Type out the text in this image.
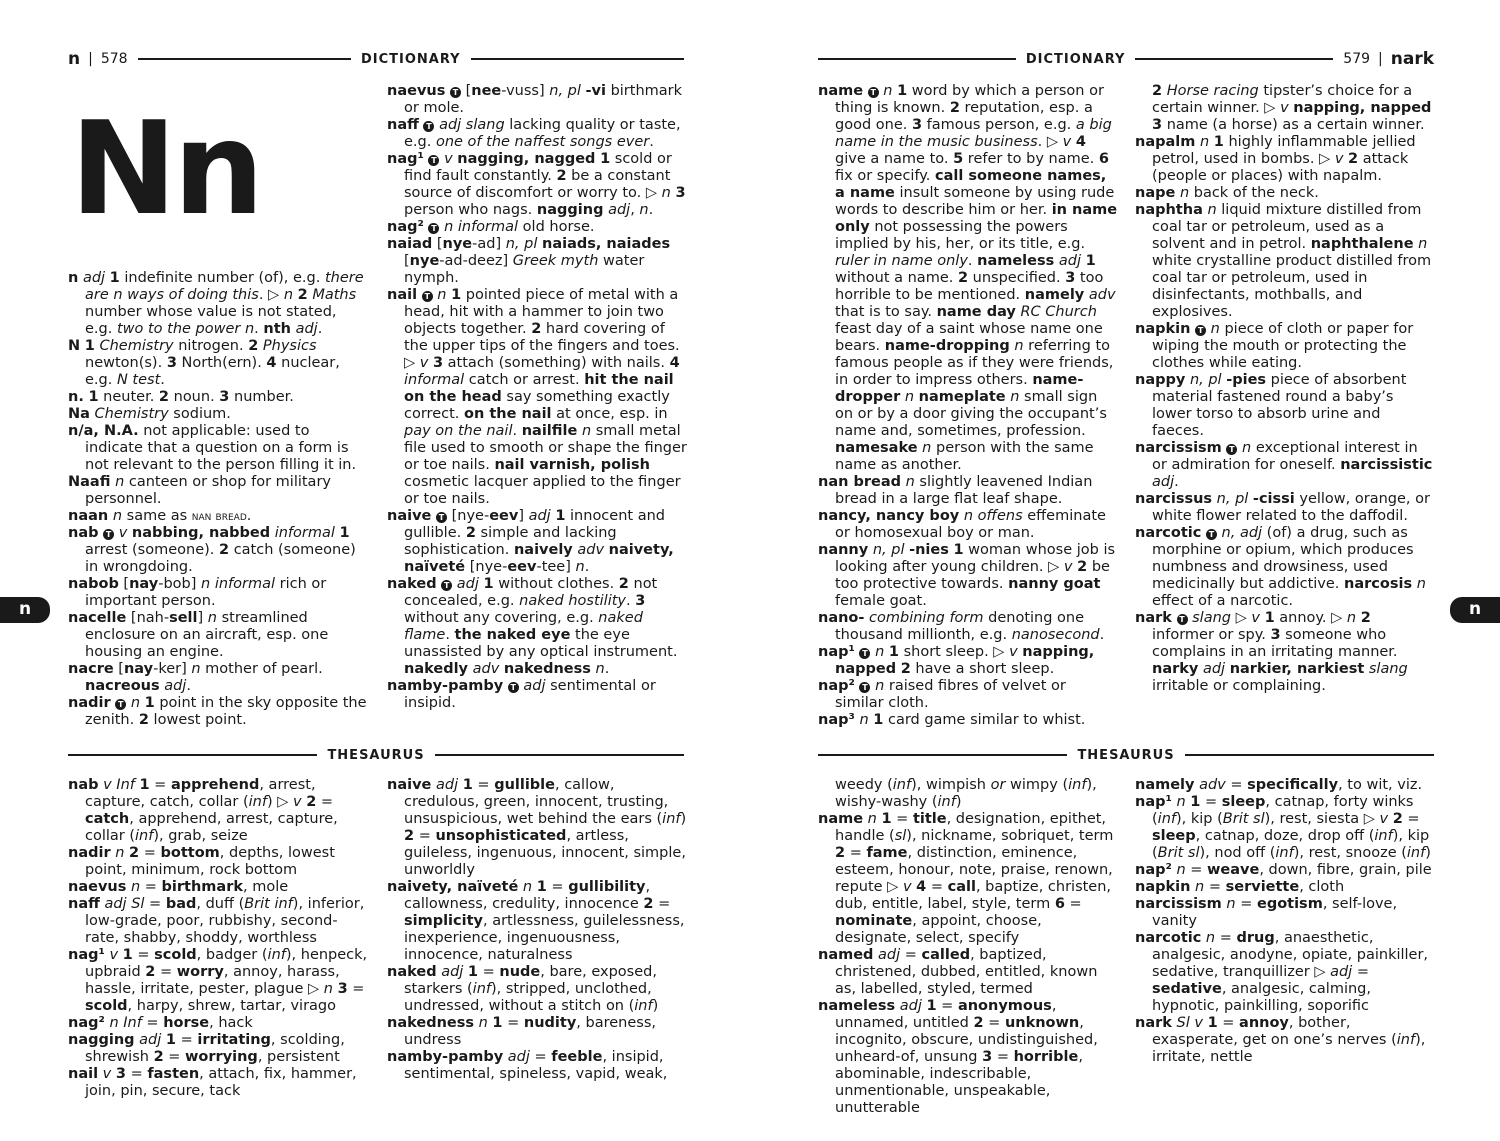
n | 578	DICTIONARY	DICTIONARY	579 | nark
Nn

n adj 1 indefinite number (of), e.g. there are n ways of doing this. ▷ n 2 Maths number whose value is not stated, e.g. two to the power n. nth adj.

N 1 Chemistry nitrogen. 2 Physics newton(s). 3 North(ern). 4 nuclear, e.g. N test.

n. 1 neuter. 2 noun. 3 number.

Na Chemistry sodium.

n/a, N.A. not applicable: used to indicate that a question on a form is not relevant to the person filling it in.

Naafi n canteen or shop for military personnel.

naan n same as nan bread.

nab T v nabbing, nabbed informal 1 arrest (someone). 2 catch (someone) in wrongdoing.

nabob [nay-bob] n informal rich or important person.

nacelle [nah-sell] n streamlined enclosure on an aircraft, esp. one housing an engine.

nacre [nay-ker] n mother of pearl. nacreous adj.

nadir T n 1 point in the sky opposite the zenith. 2 lowest point.

naevus T [nee-vuss] n, pl -vi birthmark or mole.

naff T adj slang lacking quality or taste, e.g. one of the naffest songs ever.

nag¹ T v nagging, nagged 1 scold or find fault constantly. 2 be a constant source of discomfort or worry to. ▷ n 3 person who nags. nagging adj, n.

nag² T n informal old horse.

naiad [nye-ad] n, pl naiads, naiades [nye-ad-deez] Greek myth water nymph.

nail T n 1 pointed piece of metal with a head, hit with a hammer to join two objects together. 2 hard covering of the upper tips of the fingers and toes. ▷ v 3 attach (something) with nails. 4 informal catch or arrest. hit the nail on the head say something exactly correct. on the nail at once, esp. in pay on the nail. nailfile n small metal file used to smooth or shape the finger or toe nails. nail varnish, polish cosmetic lacquer applied to the finger or toe nails.

naive T [nye-eev] adj 1 innocent and gullible. 2 simple and lacking sophistication. naively adv naivety, naïveté [nye-eev-tee] n.

naked T adj 1 without clothes. 2 not concealed, e.g. naked hostility. 3 without any covering, e.g. naked flame. the naked eye the eye unassisted by any optical instrument. nakedly adv nakedness n.

namby-pamby T adj sentimental or insipid.

THESAURUS

nab v Inf 1 = apprehend, arrest, capture, catch, collar (inf) ▷ v 2 = catch, apprehend, arrest, capture, collar (inf), grab, seize

nadir n 2 = bottom, depths, lowest point, minimum, rock bottom

naevus n = birthmark, mole

naff adj Sl = bad, duff (Brit inf), inferior, low-grade, poor, rubbishy, second-rate, shabby, shoddy, worthless

nag¹ v 1 = scold, badger (inf), henpeck, upbraid 2 = worry, annoy, harass, hassle, irritate, pester, plague ▷ n 3 = scold, harpy, shrew, tartar, virago

nag² n Inf = horse, hack

nagging adj 1 = irritating, scolding, shrewish 2 = worrying, persistent

nail v 3 = fasten, attach, fix, hammer, join, pin, secure, tack

naive adj 1 = gullible, callow, credulous, green, innocent, trusting, unsuspicious, wet behind the ears (inf) 2 = unsophisticated, artless, guileless, ingenuous, innocent, simple, unworldly

naivety, naïveté n 1 = gullibility, callowness, credulity, innocence 2 = simplicity, artlessness, guilelessness, inexperience, ingenuousness, innocence, naturalness

naked adj 1 = nude, bare, exposed, starkers (inf), stripped, unclothed, undressed, without a stitch on (inf)

nakedness n 1 = nudity, bareness, undress

namby-pamby adj = feeble, insipid, sentimental, spineless, vapid, weak,

name T n 1 word by which a person or thing is known. 2 reputation, esp. a good one. 3 famous person, e.g. a big name in the music business. ▷ v 4 give a name to. 5 refer to by name. 6 fix or specify. call someone names, a name insult someone by using rude words to describe him or her. in name only not possessing the powers implied by his, her, or its title, e.g. ruler in name only. nameless adj 1 without a name. 2 unspecified. 3 too horrible to be mentioned. namely adv that is to say. name day RC Church feast day of a saint whose name one bears. name-dropping n referring to famous people as if they were friends, in order to impress others. name-dropper n nameplate n small sign on or by a door giving the occupant’s name and, sometimes, profession. namesake n person with the same name as another.

nan bread n slightly leavened Indian bread in a large flat leaf shape.

nancy, nancy boy n offens effeminate or homosexual boy or man.

nanny n, pl -nies 1 woman whose job is looking after young children. ▷ v 2 be too protective towards. nanny goat female goat.

nano- combining form denoting one thousand millionth, e.g. nanosecond.

nap¹ T n 1 short sleep. ▷ v napping, napped 2 have a short sleep.

nap² T n raised fibres of velvet or similar cloth.

nap³ n 1 card game similar to whist.

2 Horse racing tipster’s choice for a certain winner. ▷ v napping, napped 3 name (a horse) as a certain winner.

napalm n 1 highly inflammable jellied petrol, used in bombs. ▷ v 2 attack (people or places) with napalm.

nape n back of the neck.

naphtha n liquid mixture distilled from coal tar or petroleum, used as a solvent and in petrol. naphthalene n white crystalline product distilled from coal tar or petroleum, used in disinfectants, mothballs, and explosives.

napkin T n piece of cloth or paper for wiping the mouth or protecting the clothes while eating.

nappy n, pl -pies piece of absorbent material fastened round a baby’s lower torso to absorb urine and faeces.

narcissism T n exceptional interest in or admiration for oneself. narcissistic adj.

narcissus n, pl -cissi yellow, orange, or white flower related to the daffodil.

narcotic T n, adj (of) a drug, such as morphine or opium, which produces numbness and drowsiness, used medicinally but addictive. narcosis n effect of a narcotic.

nark T slang ▷ v 1 annoy. ▷ n 2 informer or spy. 3 someone who complains in an irritating manner. narky adj narkier, narkiest slang irritable or complaining.

THESAURUS

weedy (inf), wimpish or wimpy (inf), wishy-washy (inf)

name n 1 = title, designation, epithet, handle (sl), nickname, sobriquet, term 2 = fame, distinction, eminence, esteem, honour, note, praise, renown, repute ▷ v 4 = call, baptize, christen, dub, entitle, label, style, term 6 = nominate, appoint, choose, designate, select, specify

named adj = called, baptized, christened, dubbed, entitled, known as, labelled, styled, termed

nameless adj 1 = anonymous, unnamed, untitled 2 = unknown, incognito, obscure, undistinguished, unheard-of, unsung 3 = horrible, abominable, indescribable, unmentionable, unspeakable, unutterable

namely adv = specifically, to wit, viz.

nap¹ n 1 = sleep, catnap, forty winks (inf), kip (Brit sl), rest, siesta ▷ v 2 = sleep, catnap, doze, drop off (inf), kip (Brit sl), nod off (inf), rest, snooze (inf)

nap² n = weave, down, fibre, grain, pile

napkin n = serviette, cloth

narcissism n = egotism, self-love, vanity

narcotic n = drug, anaesthetic, analgesic, anodyne, opiate, painkiller, sedative, tranquillizer ▷ adj = sedative, analgesic, calming, hypnotic, painkilling, soporific

nark Sl v 1 = annoy, bother, exasperate, get on one’s nerves (inf), irritate, nettle

n	n
